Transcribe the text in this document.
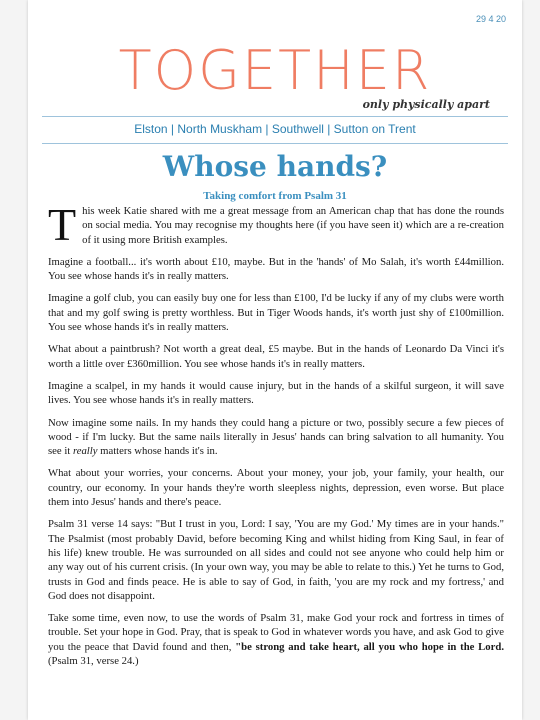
29 4 20
TOGETHER
only physically apart
Elston | North Muskham | Southwell | Sutton on Trent
Whose hands?
Taking comfort from Psalm 31

This week Katie shared with me a great message from an American chap that has done the rounds on social media. You may recognise my thoughts here (if you have seen it) which are a re-creation of it using more British examples.

Imagine a football... it's worth about £10, maybe. But in the 'hands' of Mo Salah, it's worth £44million. You see whose hands it's in really matters.

Imagine a golf club, you can easily buy one for less than £100, I'd be lucky if any of my clubs were worth that and my golf swing is pretty worthless. But in Tiger Woods hands, it's worth just shy of £100million. You see whose hands it's in really matters.

What about a paintbrush? Not worth a great deal, £5 maybe. But in the hands of Leonardo Da Vinci it's worth a little over £360million. You see whose hands it's in really matters.

Imagine a scalpel, in my hands it would cause injury, but in the hands of a skilful surgeon, it will save lives. You see whose hands it's in really matters.

Now imagine some nails. In my hands they could hang a picture or two, possibly secure a few pieces of wood - if I'm lucky. But the same nails literally in Jesus' hands can bring salvation to all humanity. You see it really matters whose hands it's in.

What about your worries, your concerns. About your money, your job, your family, your health, our country, our economy. In your hands they're worth sleepless nights, depression, even worse. But place them into Jesus' hands and there's peace.

Psalm 31 verse 14 says: "But I trust in you, Lord: I say, 'You are my God.' My times are in your hands." The Psalmist (most probably David, before becoming King and whilst hiding from King Saul, in fear of his life) knew trouble. He was surrounded on all sides and could not see anyone who could help him or any way out of his current crisis. (In your own way, you may be able to relate to this.) Yet he turns to God, trusts in God and finds peace. He is able to say of God, in faith, 'you are my rock and my fortress,' and God does not disappoint.

Take some time, even now, to use the words of Psalm 31, make God your rock and fortress in times of trouble. Set your hope in God. Pray, that is speak to God in whatever words you have, and ask God to give you the peace that David found and then, "be strong and take heart, all you who hope in the Lord. (Psalm 31, verse 24.)
